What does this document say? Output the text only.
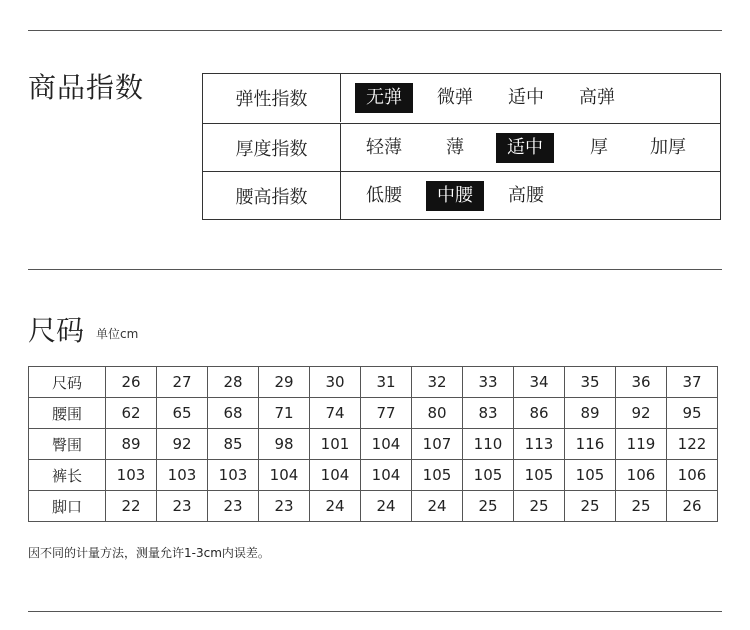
商品指数	弹性指数	无弹	微弹	适中	高弹
厚度指数	轻薄	薄	适中	厚	加厚
腰高指数	低腰	中腰	高腰
尺码 单位cm
尺码	26	27	28	29	30	31	32	33	34	35	36	37
腰围	62	65	68	71	74	77	80	83	86	89	92	95
臀围	89	92	85	98	101	104	107	110	113	116	119	122
裤长	103	103	103	104	104	104	105	105	105	105	106	106
脚口	22	23	23	23	24	24	24	25	25	25	25	26

因不同的计量方法，测量允许1-3cm内误差。
